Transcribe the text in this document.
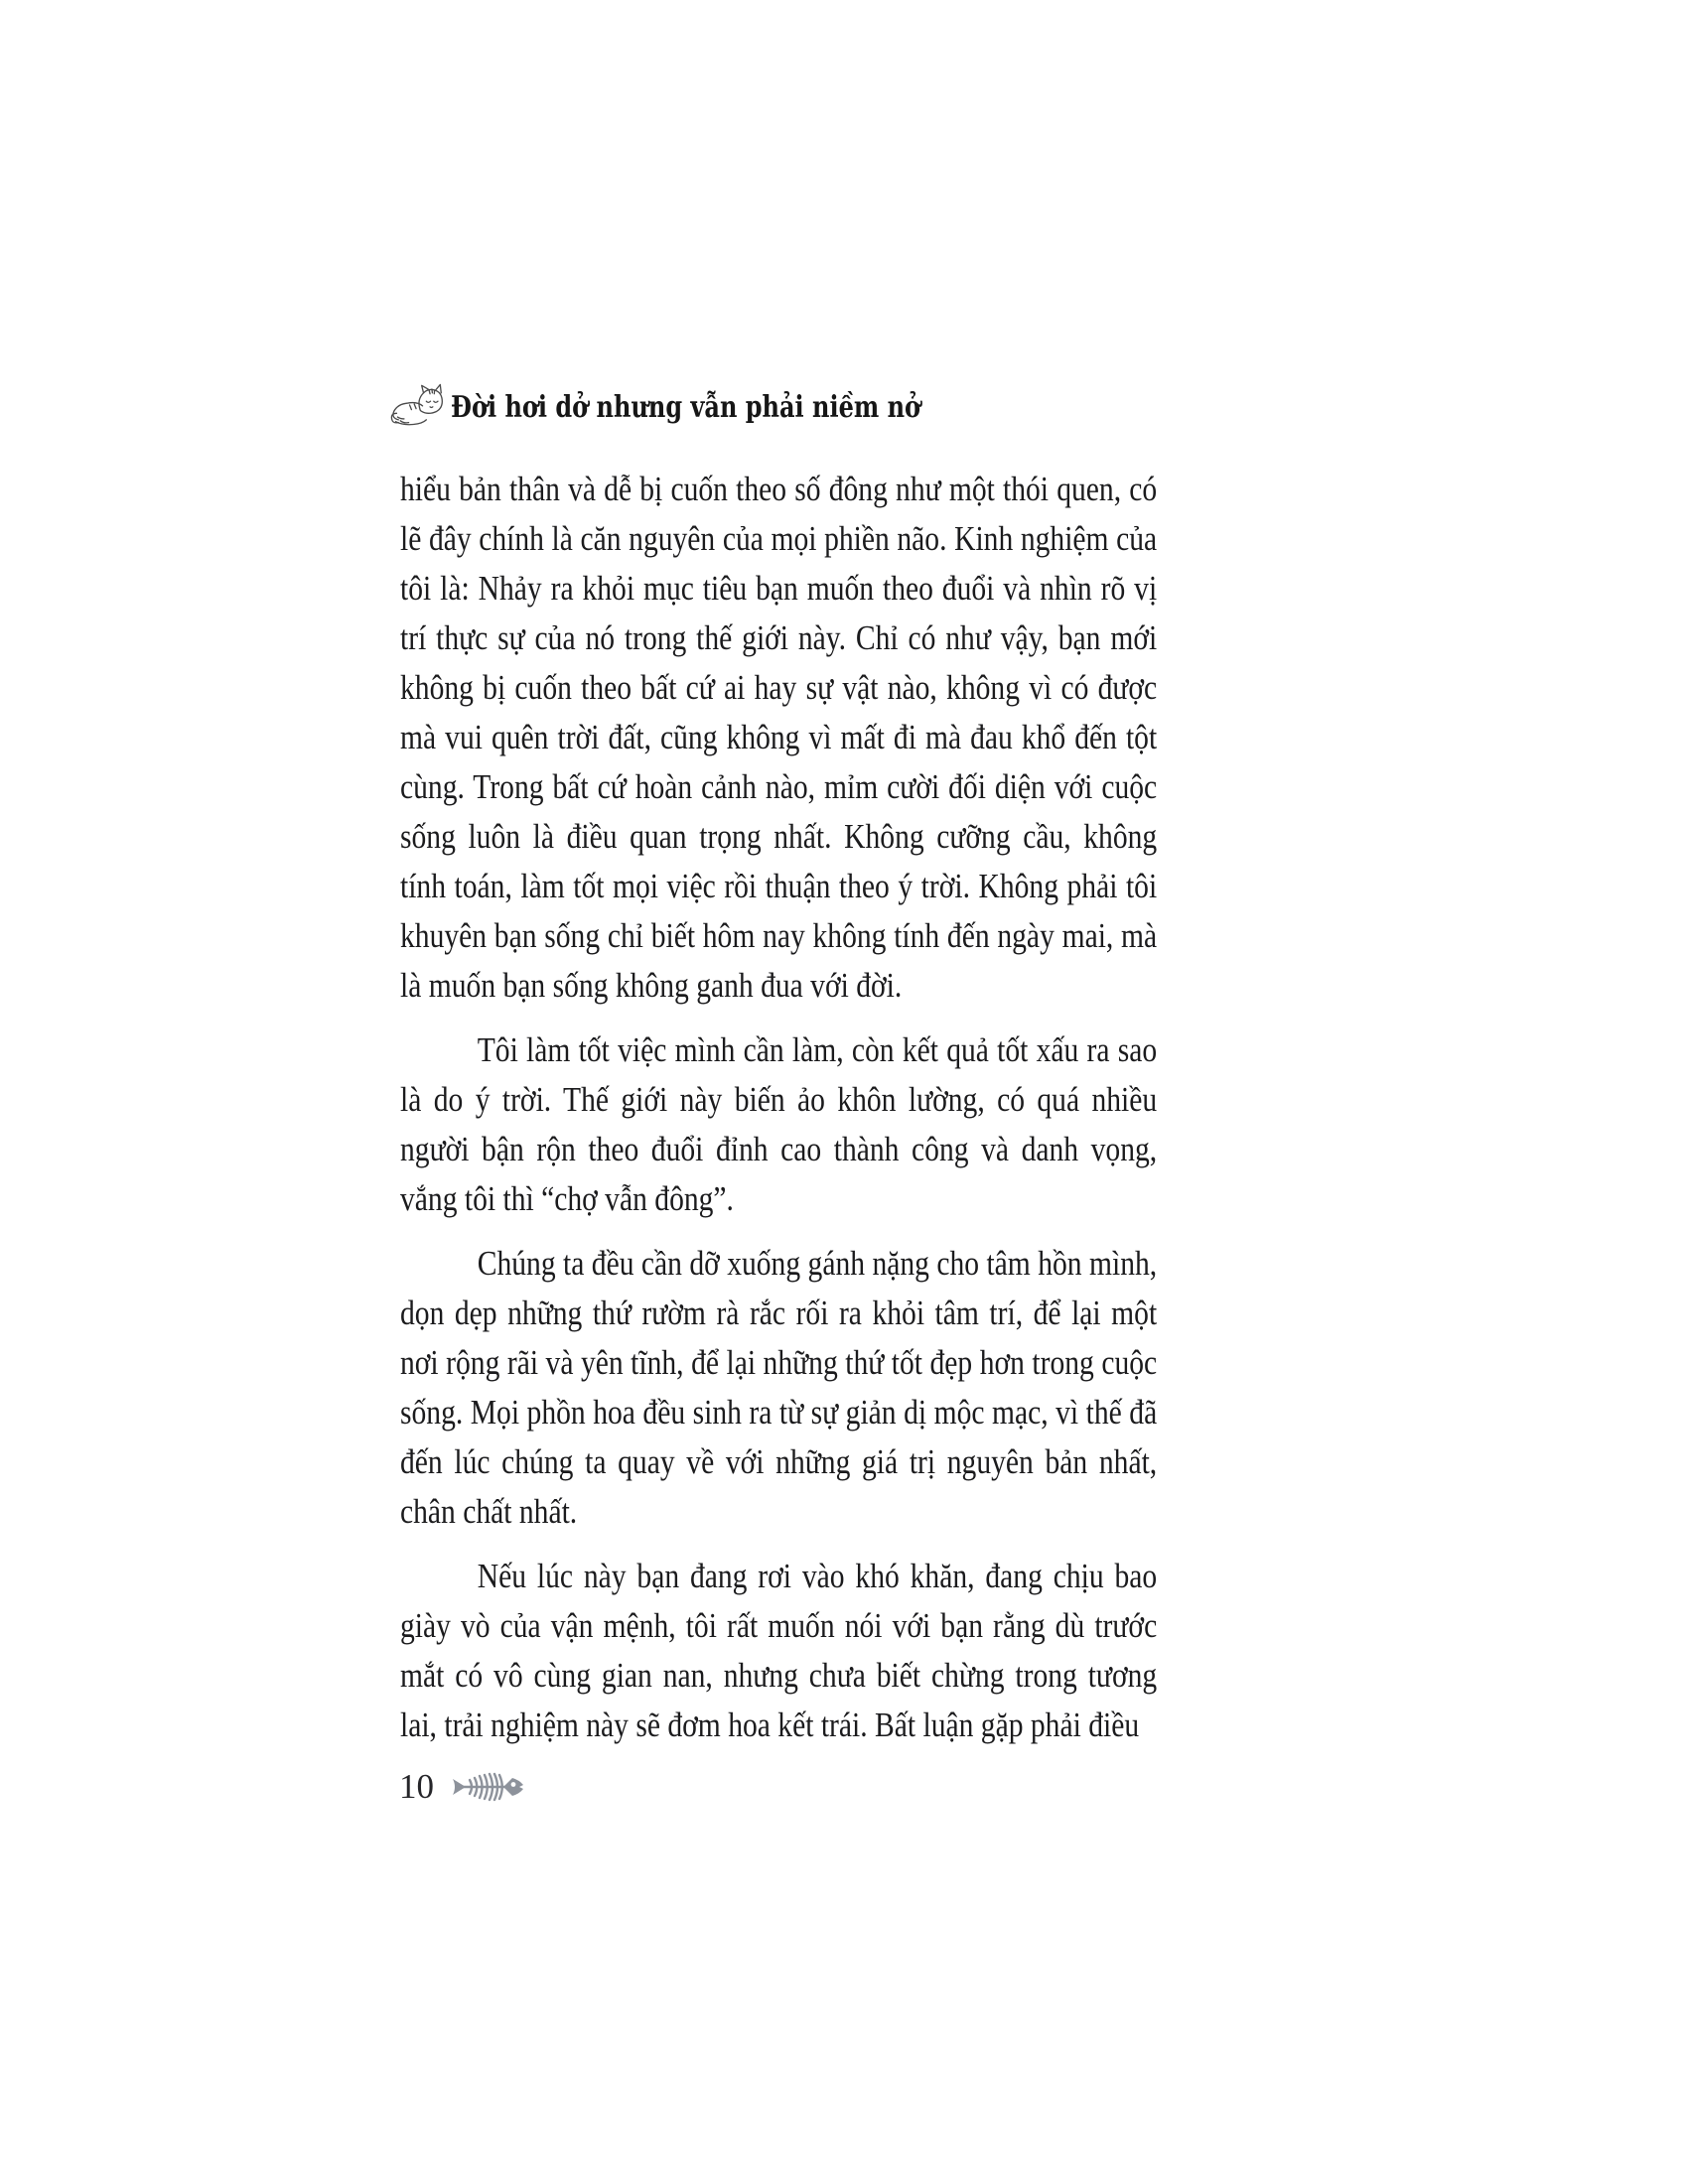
Đời hơi dở nhưng vẫn phải niềm nở

hiểu bản thân và dễ bị cuốn theo số đông như một thói quen, có lẽ đây chính là căn nguyên của mọi phiền não. Kinh nghiệm của tôi là: Nhảy ra khỏi mục tiêu bạn muốn theo đuổi và nhìn rõ vị trí thực sự của nó trong thế giới này. Chỉ có như vậy, bạn mới không bị cuốn theo bất cứ ai hay sự vật nào, không vì có được mà vui quên trời đất, cũng không vì mất đi mà đau khổ đến tột cùng. Trong bất cứ hoàn cảnh nào, mỉm cười đối diện với cuộc sống luôn là điều quan trọng nhất. Không cưỡng cầu, không tính toán, làm tốt mọi việc rồi thuận theo ý trời. Không phải tôi khuyên bạn sống chỉ biết hôm nay không tính đến ngày mai, mà là muốn bạn sống không ganh đua với đời.

Tôi làm tốt việc mình cần làm, còn kết quả tốt xấu ra sao là do ý trời. Thế giới này biến ảo khôn lường, có quá nhiều người bận rộn theo đuổi đỉnh cao thành công và danh vọng, vắng tôi thì “chợ vẫn đông”.

Chúng ta đều cần dỡ xuống gánh nặng cho tâm hồn mình, dọn dẹp những thứ rườm rà rắc rối ra khỏi tâm trí, để lại một nơi rộng rãi và yên tĩnh, để lại những thứ tốt đẹp hơn trong cuộc sống. Mọi phồn hoa đều sinh ra từ sự giản dị mộc mạc, vì thế đã đến lúc chúng ta quay về với những giá trị nguyên bản nhất, chân chất nhất.

Nếu lúc này bạn đang rơi vào khó khăn, đang chịu bao giày vò của vận mệnh, tôi rất muốn nói với bạn rằng dù trước mắt có vô cùng gian nan, nhưng chưa biết chừng trong tương lai, trải nghiệm này sẽ đơm hoa kết trái. Bất luận gặp phải điều

10
